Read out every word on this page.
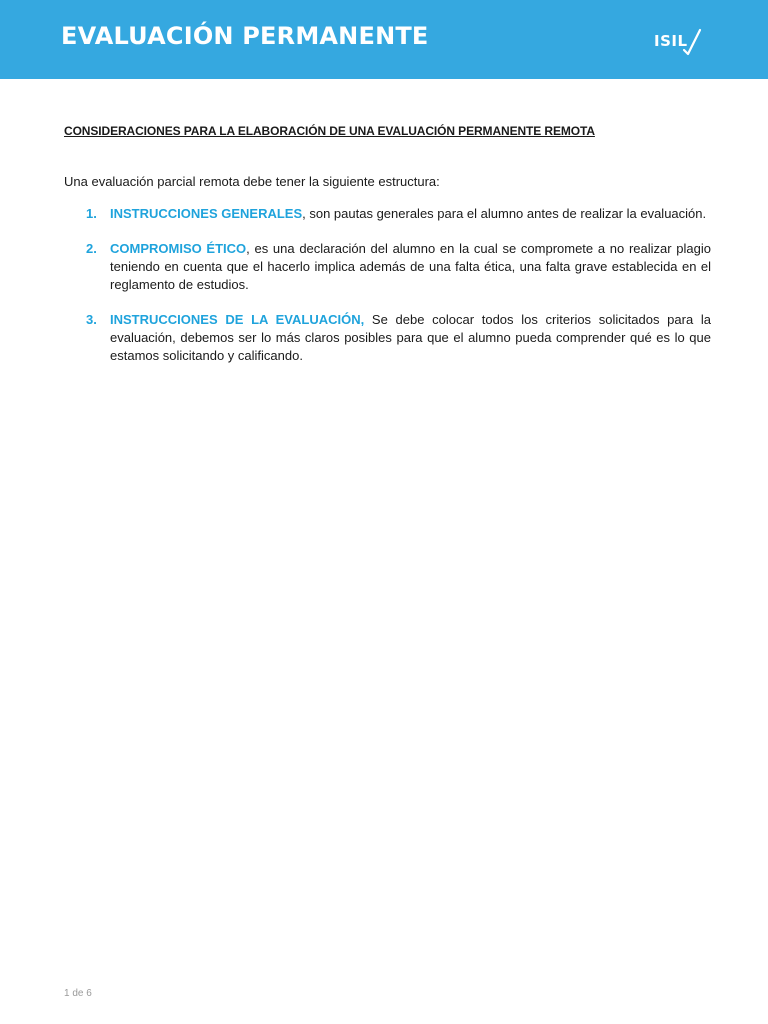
EVALUACIÓN PERMANENTE	ISIL

CONSIDERACIONES PARA LA ELABORACIÓN DE UNA EVALUACIÓN PERMANENTE REMOTA

Una evaluación parcial remota debe tener la siguiente estructura:

1. INSTRUCCIONES GENERALES, son pautas generales para el alumno antes de realizar la evaluación.
2. COMPROMISO ÉTICO, es una declaración del alumno en la cual se compromete a no realizar plagio teniendo en cuenta que el hacerlo implica además de una falta ética, una falta grave establecida en el reglamento de estudios.
3. INSTRUCCIONES DE LA EVALUACIÓN, Se debe colocar todos los criterios solicitados para la evaluación, debemos ser lo más claros posibles para que el alumno pueda comprender qué es lo que estamos solicitando y calificando.
1 de 6
